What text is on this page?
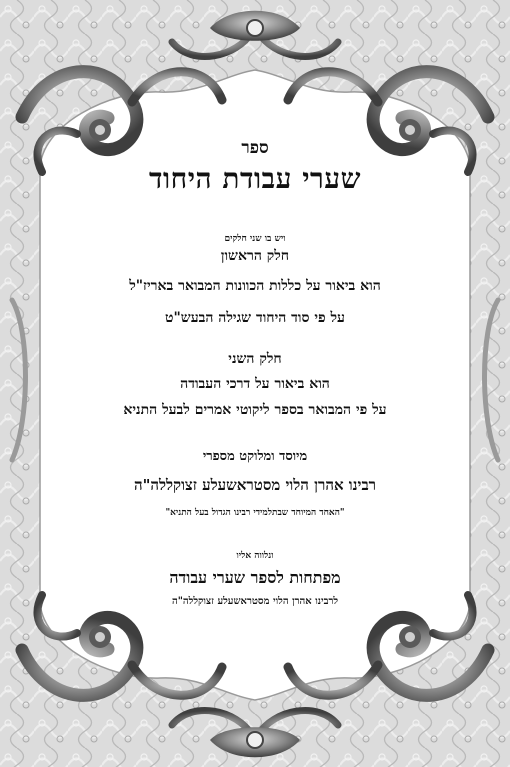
ספר
שערי עבודת היחוד
ויש בו שני חלקים
חלק הראשון
הוא ביאור על כללות הכוונות המבואר באריז"ל
על פי סוד היחוד שגילה הבעש"ט
חלק השני
הוא ביאור על דרכי העבודה
על פי המבואר בספר ליקוטי אמרים לבעל התניא
מיוסד ומלוקט מספרי
רבינו אהרן הלוי מסטראשעלע זצוקללה"ה
"האחד המיוחד שבתלמידי רבינו הגדול בעל התניא"
ונלווה אליו
מפתחות לספר שערי עבודה
לרבינו אהרן הלוי מסטראשעלע זצוקללה"ה
